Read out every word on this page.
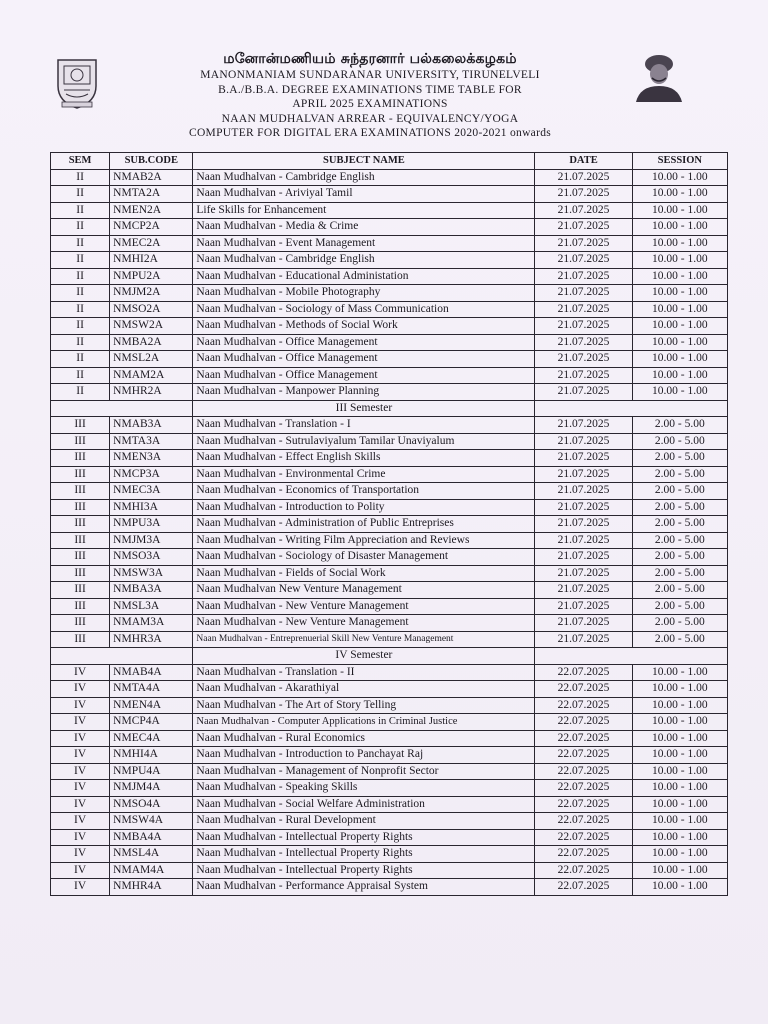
மனோன்மணியம் சுந்தரனார் பல்கலைக்கழகம்
MANONMANIAM SUNDARANAR UNIVERSITY, TIRUNELVELI
B.A./B.B.A. DEGREE EXAMINATIONS TIME TABLE FOR
APRIL 2025 EXAMINATIONS
NAAN MUDHALVAN ARREAR - EQUIVALENCY/YOGA
COMPUTER FOR DIGITAL ERA EXAMINATIONS 2020-2021 onwards
SEM	SUB.CODE	SUBJECT NAME	DATE	SESSION
II	NMAB2A	Naan Mudhalvan - Cambridge English	21.07.2025	10.00 - 1.00
II	NMTA2A	Naan Mudhalvan - Ariviyal Tamil	21.07.2025	10.00 - 1.00
II	NMEN2A	Life Skills for Enhancement	21.07.2025	10.00 - 1.00
II	NMCP2A	Naan Mudhalvan - Media & Crime	21.07.2025	10.00 - 1.00
II	NMEC2A	Naan Mudhalvan - Event Management	21.07.2025	10.00 - 1.00
II	NMHI2A	Naan Mudhalvan - Cambridge English	21.07.2025	10.00 - 1.00
II	NMPU2A	Naan Mudhalvan - Educational Administation	21.07.2025	10.00 - 1.00
II	NMJM2A	Naan Mudhalvan - Mobile Photography	21.07.2025	10.00 - 1.00
II	NMSO2A	Naan Mudhalvan - Sociology of Mass Communication	21.07.2025	10.00 - 1.00
II	NMSW2A	Naan Mudhalvan - Methods of Social Work	21.07.2025	10.00 - 1.00
II	NMBA2A	Naan Mudhalvan - Office Management	21.07.2025	10.00 - 1.00
II	NMSL2A	Naan Mudhalvan - Office Management	21.07.2025	10.00 - 1.00
II	NMAM2A	Naan Mudhalvan - Office Management	21.07.2025	10.00 - 1.00
II	NMHR2A	Naan Mudhalvan - Manpower Planning	21.07.2025	10.00 - 1.00
		III Semester		
III	NMAB3A	Naan Mudhalvan - Translation - I	21.07.2025	2.00 - 5.00
III	NMTA3A	Naan Mudhalvan - Sutrulaviyalum Tamilar Unaviyalum	21.07.2025	2.00 - 5.00
III	NMEN3A	Naan Mudhalvan - Effect English Skills	21.07.2025	2.00 - 5.00
III	NMCP3A	Naan Mudhalvan - Environmental Crime	21.07.2025	2.00 - 5.00
III	NMEC3A	Naan Mudhalvan - Economics of Transportation	21.07.2025	2.00 - 5.00
III	NMHI3A	Naan Mudhalvan - Introduction to Polity	21.07.2025	2.00 - 5.00
III	NMPU3A	Naan Mudhalvan - Administration of Public Entreprises	21.07.2025	2.00 - 5.00
III	NMJM3A	Naan Mudhalvan - Writing Film Appreciation and Reviews	21.07.2025	2.00 - 5.00
III	NMSO3A	Naan Mudhalvan - Sociology of Disaster Management	21.07.2025	2.00 - 5.00
III	NMSW3A	Naan Mudhalvan - Fields of Social Work	21.07.2025	2.00 - 5.00
III	NMBA3A	Naan Mudhalvan New Venture Management	21.07.2025	2.00 - 5.00
III	NMSL3A	Naan Mudhalvan - New Venture Management	21.07.2025	2.00 - 5.00
III	NMAM3A	Naan Mudhalvan - New Venture Management	21.07.2025	2.00 - 5.00
III	NMHR3A	Naan Mudhalvan - Entreprenuerial Skill New Venture Management	21.07.2025	2.00 - 5.00
		IV Semester		
IV	NMAB4A	Naan Mudhalvan - Translation - II	22.07.2025	10.00 - 1.00
IV	NMTA4A	Naan Mudhalvan - Akarathiyal	22.07.2025	10.00 - 1.00
IV	NMEN4A	Naan Mudhalvan - The Art of Story Telling	22.07.2025	10.00 - 1.00
IV	NMCP4A	Naan Mudhalvan - Computer Applications in Criminal Justice	22.07.2025	10.00 - 1.00
IV	NMEC4A	Naan Mudhalvan - Rural Economics	22.07.2025	10.00 - 1.00
IV	NMHI4A	Naan Mudhalvan - Introduction to Panchayat Raj	22.07.2025	10.00 - 1.00
IV	NMPU4A	Naan Mudhalvan - Management of Nonprofit Sector	22.07.2025	10.00 - 1.00
IV	NMJM4A	Naan Mudhalvan - Speaking Skills	22.07.2025	10.00 - 1.00
IV	NMSO4A	Naan Mudhalvan - Social Welfare Administration	22.07.2025	10.00 - 1.00
IV	NMSW4A	Naan Mudhalvan - Rural Development	22.07.2025	10.00 - 1.00
IV	NMBA4A	Naan Mudhalvan - Intellectual Property Rights	22.07.2025	10.00 - 1.00
IV	NMSL4A	Naan Mudhalvan - Intellectual Property Rights	22.07.2025	10.00 - 1.00
IV	NMAM4A	Naan Mudhalvan - Intellectual Property Rights	22.07.2025	10.00 - 1.00
IV	NMHR4A	Naan Mudhalvan - Performance Appraisal System	22.07.2025	10.00 - 1.00
